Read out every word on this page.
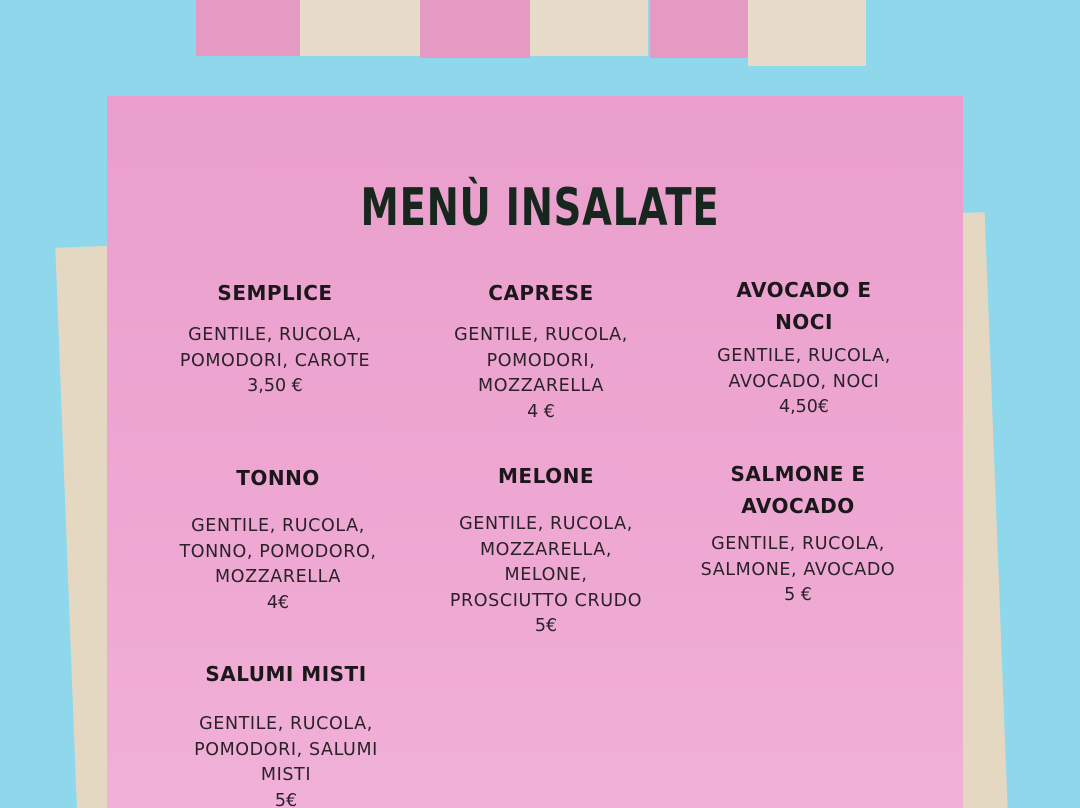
MENÙ INSALATE
SEMPLICE
GENTILE, RUCOLA,
POMODORI, CAROTE
3,50 €
CAPRESE
GENTILE, RUCOLA,
POMODORI,
MOZZARELLA
4 €
AVOCADO E
NOCI
GENTILE, RUCOLA,
AVOCADO, NOCI
4,50€
TONNO
GENTILE, RUCOLA,
TONNO, POMODORO,
MOZZARELLA
4€
MELONE
GENTILE, RUCOLA,
MOZZARELLA,
MELONE,
PROSCIUTTO CRUDO
5€
SALMONE E
AVOCADO
GENTILE, RUCOLA,
SALMONE, AVOCADO
5 €
SALUMI MISTI
GENTILE, RUCOLA,
POMODORI, SALUMI
MISTI
5€
